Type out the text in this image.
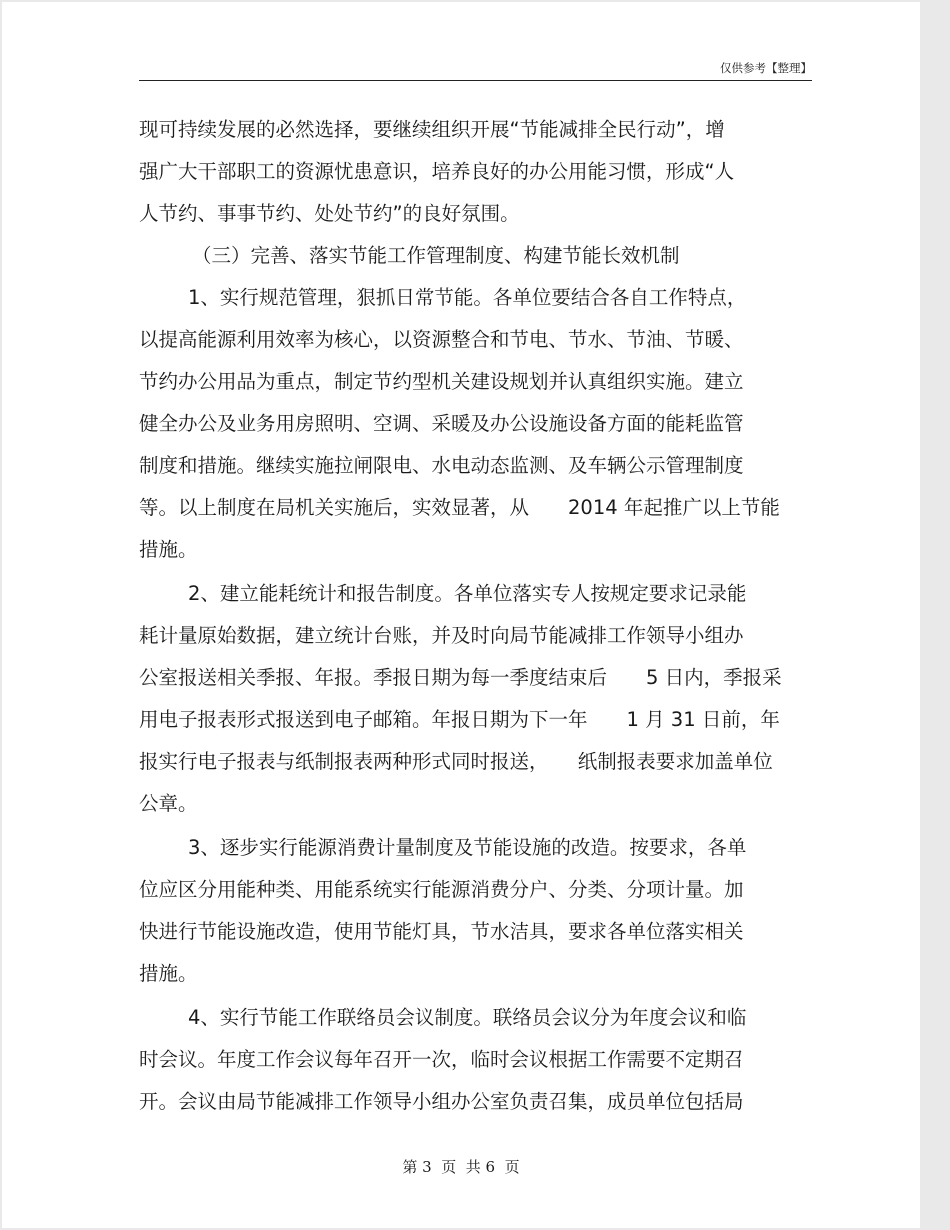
仅供参考【整理】
现可持续发展的必然选择，要继续组织开展“节能减排全民行动”，增
强广大干部职工的资源忧患意识，培养良好的办公用能习惯，形成“人
人节约、事事节约、处处节约”的良好氛围。
（三）完善、落实节能工作管理制度、构建节能长效机制
1、实行规范管理，狠抓日常节能。各单位要结合各自工作特点，
以提高能源利用效率为核心，以资源整合和节电、节水、节油、节暖、
节约办公用品为重点，制定节约型机关建设规划并认真组织实施。建立
健全办公及业务用房照明、空调、采暖及办公设施设备方面的能耗监管
制度和措施。继续实施拉闸限电、水电动态监测、及车辆公示管理制度
等。以上制度在局机关实施后，实效显著，从　　2014 年起推广以上节能
措施。
2、建立能耗统计和报告制度。各单位落实专人按规定要求记录能
耗计量原始数据，建立统计台账，并及时向局节能减排工作领导小组办
公室报送相关季报、年报。季报日期为每一季度结束后　　5 日内，季报采
用电子报表形式报送到电子邮箱。年报日期为下一年　　1 月 31 日前，年
报实行电子报表与纸制报表两种形式同时报送，　　纸制报表要求加盖单位
公章。
3、逐步实行能源消费计量制度及节能设施的改造。按要求，各单
位应区分用能种类、用能系统实行能源消费分户、分类、分项计量。加
快进行节能设施改造，使用节能灯具，节水洁具，要求各单位落实相关
措施。
4、实行节能工作联络员会议制度。联络员会议分为年度会议和临
时会议。年度工作会议每年召开一次，临时会议根据工作需要不定期召
开。会议由局节能减排工作领导小组办公室负责召集，成员单位包括局
第 3  页  共 6  页
